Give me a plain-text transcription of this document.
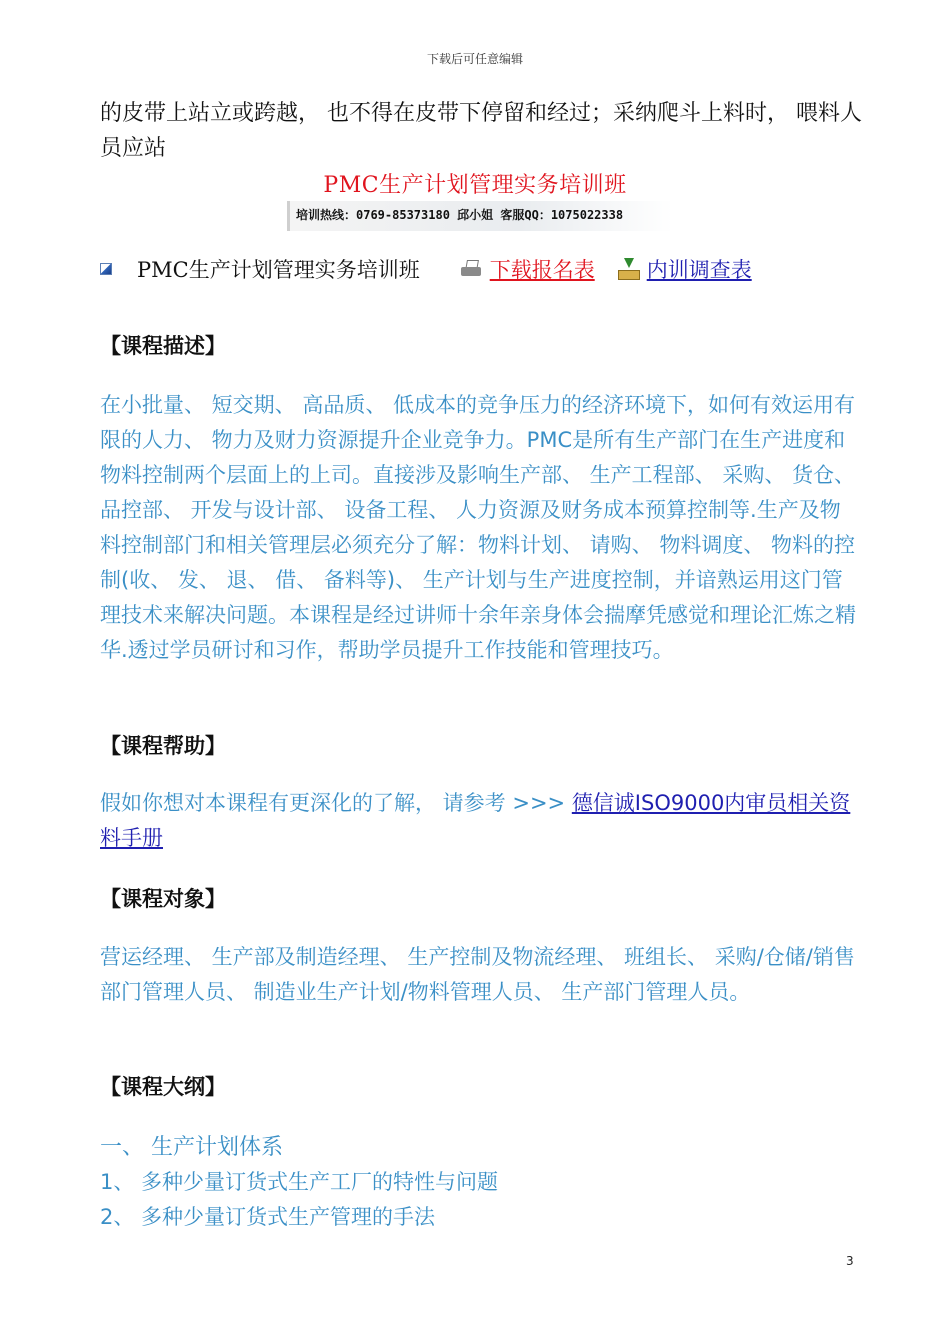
下载后可任意编辑
的皮带上站立或跨越， 也不得在皮带下停留和经过；采纳爬斗上料时， 喂料人员应站
PMC生产计划管理实务培训班
培训热线：0769-85373180 邱小姐 客服QQ：1075022338
PMC生产计划管理实务培训班	下载报名表 内训调查表
【课程描述】
在小批量、 短交期、 高品质、 低成本的竞争压力的经济环境下，如何有效运用有限的人力、 物力及财力资源提升企业竞争力。PMC是所有生产部门在生产进度和物料控制两个层面上的上司。直接涉及影响生产部、 生产工程部、 采购、 货仓、 品控部、 开发与设计部、 设备工程、 人力资源及财务成本预算控制等.生产及物料控制部门和相关管理层必须充分了解：物料计划、 请购、 物料调度、 物料的控制(收、 发、 退、 借、 备料等)、 生产计划与生产进度控制，并谙熟运用这门管理技术来解决问题。本课程是经过讲师十余年亲身体会揣摩凭感觉和理论汇炼之精华.透过学员研讨和习作，帮助学员提升工作技能和管理技巧。
【课程帮助】
假如你想对本课程有更深化的了解， 请参考 >>> 德信诚ISO9000内审员相关资料手册
【课程对象】
营运经理、 生产部及制造经理、 生产控制及物流经理、 班组长、 采购/仓储/销售部门管理人员、 制造业生产计划/物料管理人员、 生产部门管理人员。
【课程大纲】
一、 生产计划体系
1、 多种少量订货式生产工厂的特性与问题
2、 多种少量订货式生产管理的手法
3
